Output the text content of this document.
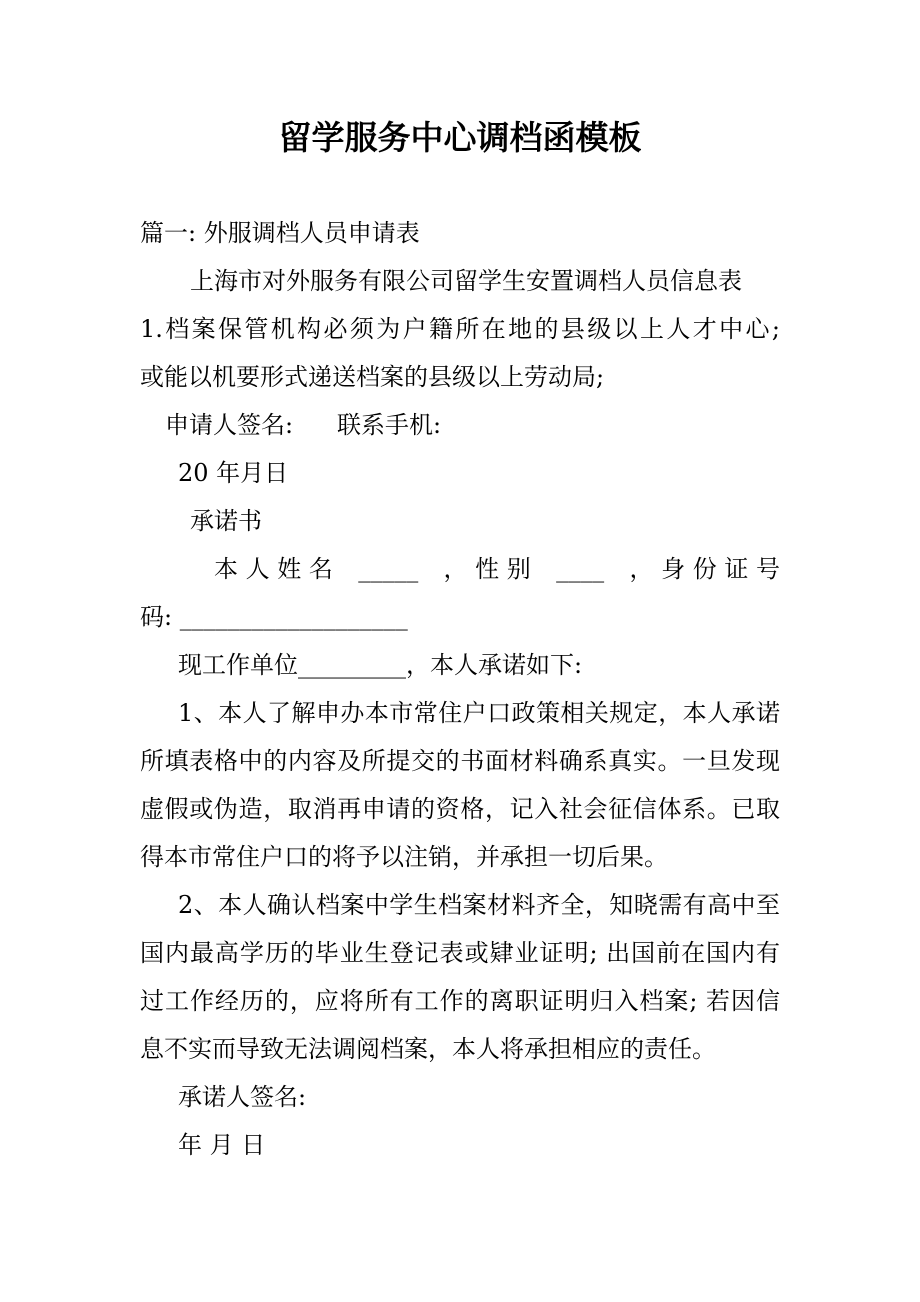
留学服务中心调档函模板
篇一: 外服调档人员申请表
上海市对外服务有限公司留学生安置调档人员信息表
1.档案保管机构必须为户籍所在地的县级以上人才中心;
或能以机要形式递送档案的县级以上劳动局;
申请人签名: 联系手机:
20 年月日
承诺书
本 人 姓 名 _____ ， 性 别 ____ ， 身 份 证 号
码: ___________________
现工作单位_________，本人承诺如下:
1、本人了解申办本市常住户口政策相关规定，本人承诺
所填表格中的内容及所提交的书面材料确系真实。一旦发现
虚假或伪造，取消再申请的资格，记入社会征信体系。已取
得本市常住户口的将予以注销，并承担一切后果。
2、本人确认档案中学生档案材料齐全，知晓需有高中至
国内最高学历的毕业生登记表或肄业证明; 出国前在国内有
过工作经历的，应将所有工作的离职证明归入档案; 若因信
息不实而导致无法调阅档案，本人将承担相应的责任。
承诺人签名:
年 月 日
